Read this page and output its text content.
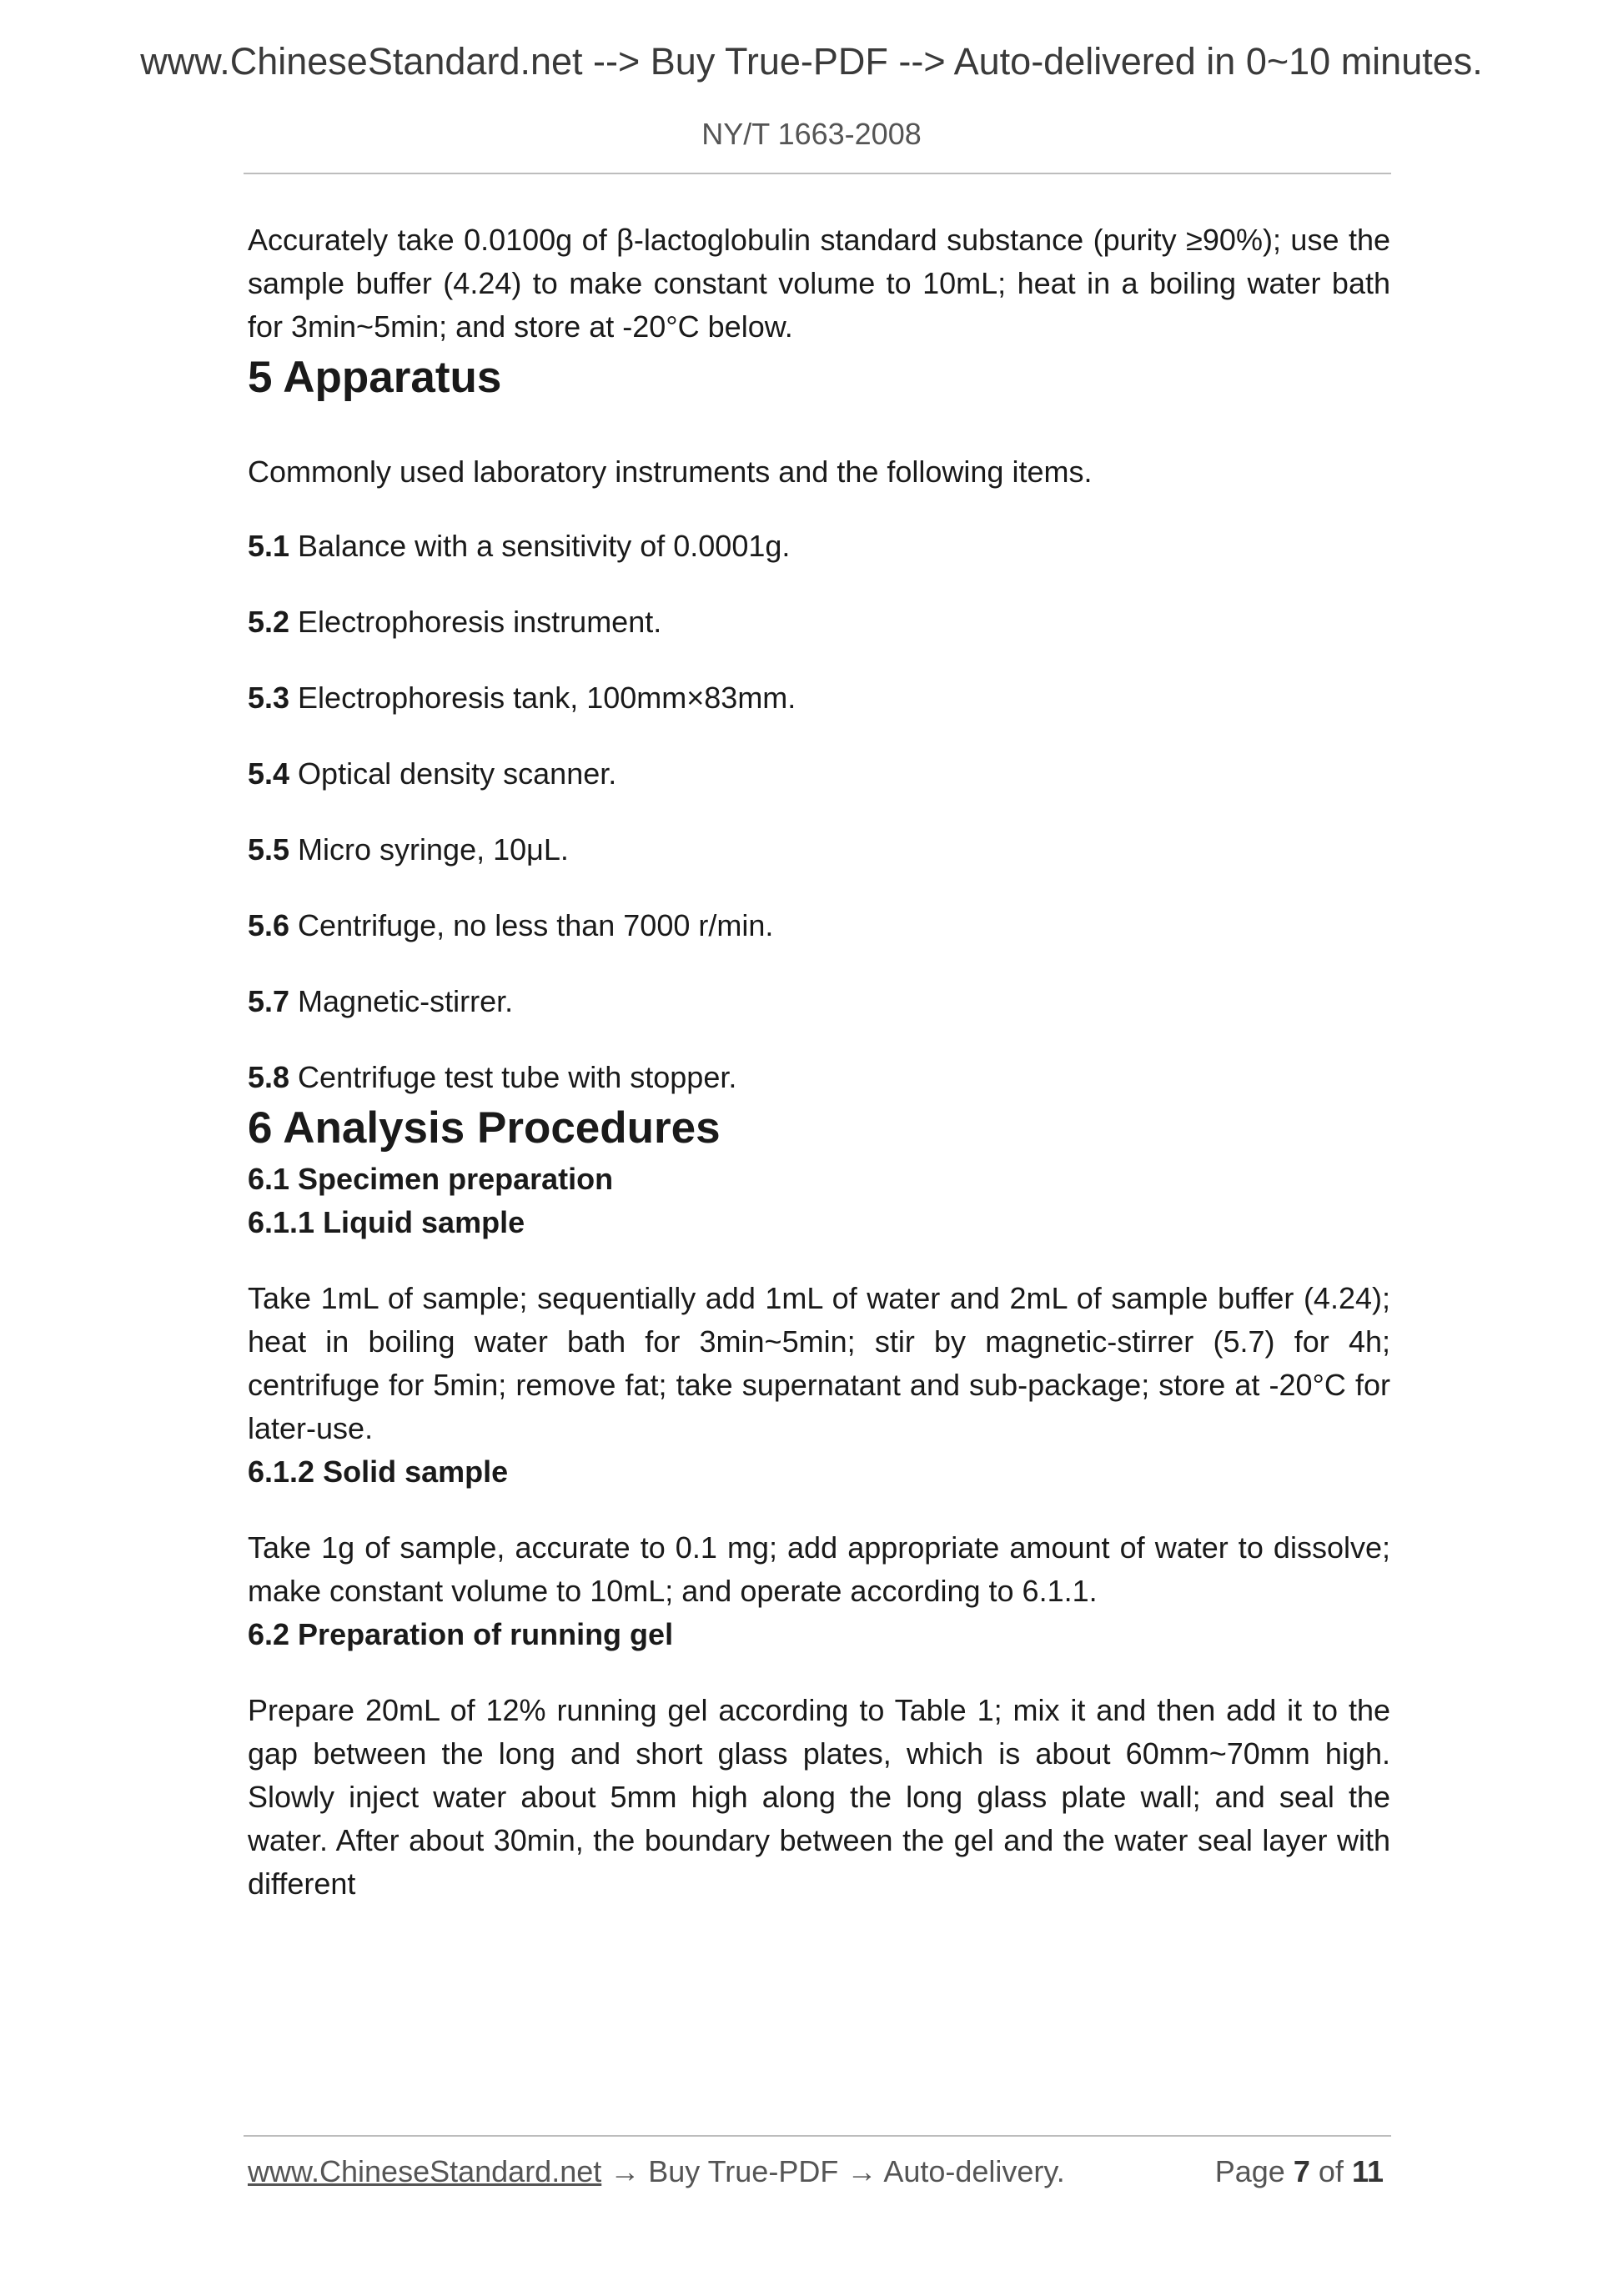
www.ChineseStandard.net --> Buy True-PDF --> Auto-delivered in 0~10 minutes.
NY/T 1663-2008

Accurately take 0.0100g of β-lactoglobulin standard substance (purity ≥90%); use the sample buffer (4.24) to make constant volume to 10mL; heat in a boiling water bath for 3min~5min; and store at -20°C below.

5 Apparatus

Commonly used laboratory instruments and the following items.

5.1 Balance with a sensitivity of 0.0001g.

5.2 Electrophoresis instrument.

5.3 Electrophoresis tank, 100mm×83mm.

5.4 Optical density scanner.

5.5 Micro syringe, 10μL.

5.6 Centrifuge, no less than 7000 r/min.

5.7 Magnetic-stirrer.

5.8 Centrifuge test tube with stopper.

6 Analysis Procedures
6.1 Specimen preparation
6.1.1 Liquid sample

Take 1mL of sample; sequentially add 1mL of water and 2mL of sample buffer (4.24); heat in boiling water bath for 3min~5min; stir by magnetic-stirrer (5.7) for 4h; centrifuge for 5min; remove fat; take supernatant and sub-package; store at -20°C for later-use.

6.1.2 Solid sample

Take 1g of sample, accurate to 0.1 mg; add appropriate amount of water to dissolve; make constant volume to 10mL; and operate according to 6.1.1.

6.2 Preparation of running gel

Prepare 20mL of 12% running gel according to Table 1; mix it and then add it to the gap between the long and short glass plates, which is about 60mm~70mm high. Slowly inject water about 5mm high along the long glass plate wall; and seal the water. After about 30min, the boundary between the gel and the water seal layer with different

www.ChineseStandard.net → Buy True-PDF → Auto-delivery.	Page 7 of 11
